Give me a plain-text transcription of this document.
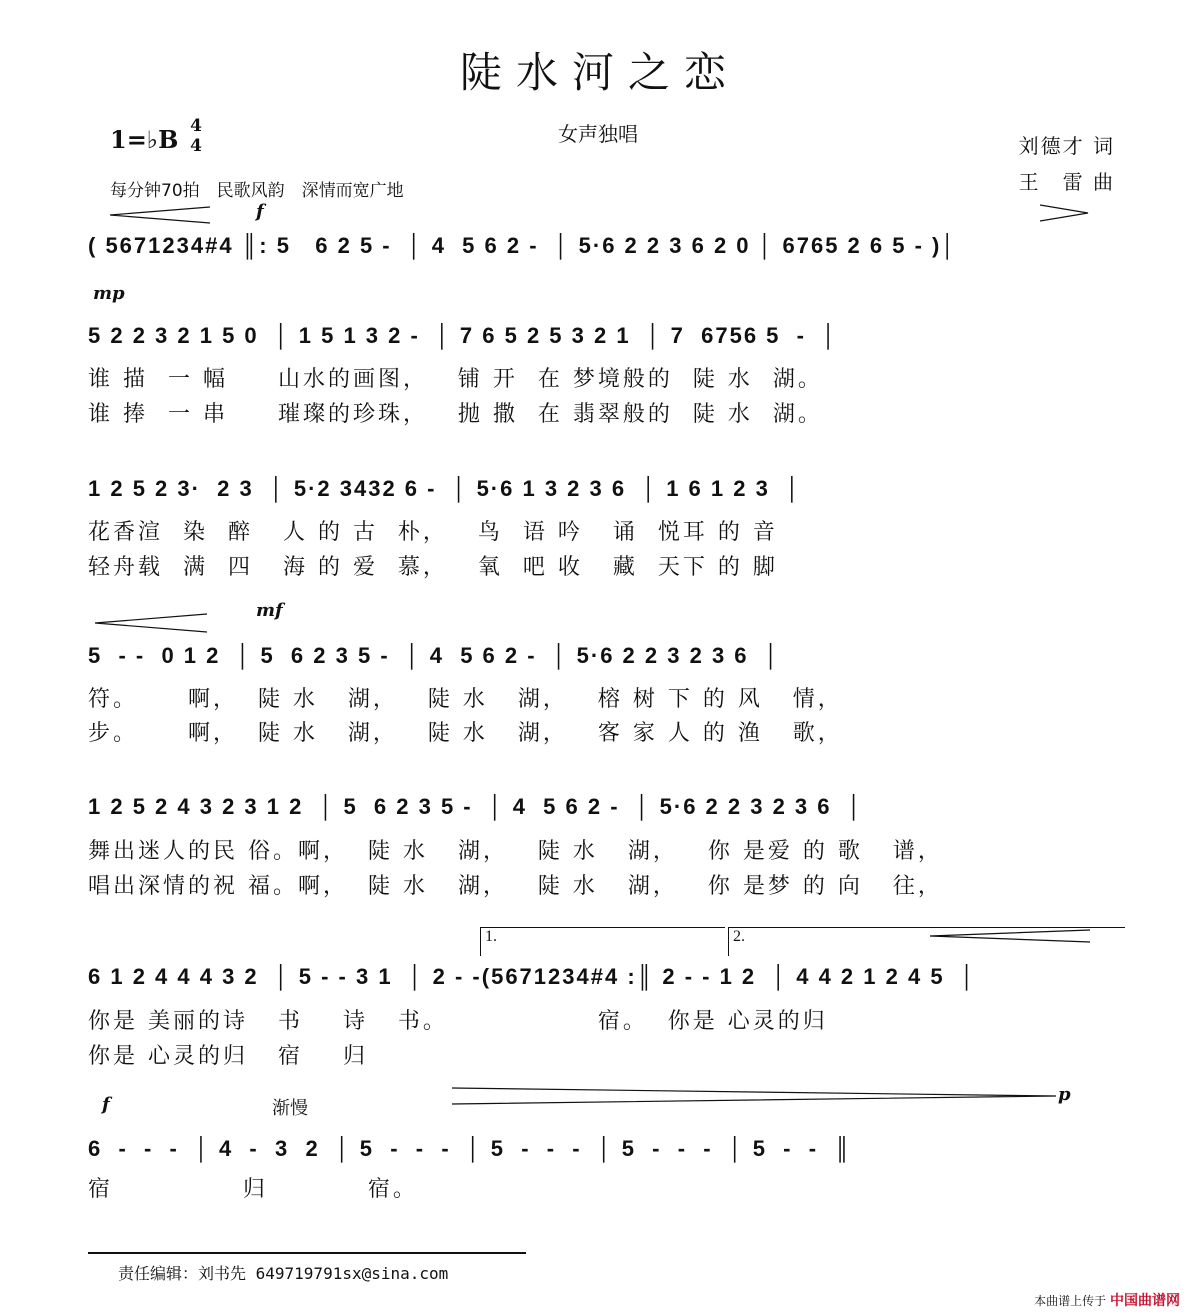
陡水河之恋
女声独唱
1=♭B 4
4
每分钟70拍　民歌风韵　深情而宽广地
刘德才 词
王　雷 曲
f
( 5671234#4 ║: 5   6 2 5 -  │ 4  5 6 2 -  │ 5·6 2 2 3 6 2 0 │ 6765 2 6 5 - )│
mp
5 2 2 3 2 1 5 0  │ 1 5 1 3 2 -  │ 7 6 5 2 5 3 2 1  │ 7  6756 5  -  │
谁 描  一 幅     山水的画图，   铺 开  在 梦境般的  陡 水  湖。
谁 捧  一 串     璀璨的珍珠，   抛 撒  在 翡翠般的  陡 水  湖。
1 2 5 2 3·  2 3  │ 5·2 3432 6 -  │ 5·6 1 3 2 3 6  │ 1 6 1 2 3  │
花香渲  染  醉   人 的 古  朴，   鸟  语 吟   诵  悦耳 的 音
轻舟载  满  四   海 的 爱  慕，   氧  吧 收   藏  天下 的 脚
mf
5  - -  0 1 2  │ 5  6 2 3 5 -  │ 4  5 6 2 -  │ 5·6 2 2 3 2 3 6  │
符。     啊，  陡 水   湖，   陡 水   湖，   榕 树 下 的 风   情，
步。     啊，  陡 水   湖，   陡 水   湖，   客 家 人 的 渔   歌，
1 2 5 2 4 3 2 3 1 2  │ 5  6 2 3 5 -  │ 4  5 6 2 -  │ 5·6 2 2 3 2 3 6  │
舞出迷人的民 俗。啊，  陡 水   湖，   陡 水   湖，   你 是爱 的 歌   谱，
唱出深情的祝 福。啊，  陡 水   湖，   陡 水   湖，   你 是梦 的 向   往，
1.	2.
6 1 2 4 4 4 3 2  │ 5 - - 3 1  │ 2 - -(5671234#4 :║ 2 - - 1 2  │ 4 4 2 1 2 4 5  │
你是 美丽的诗   书    诗   书。               宿。  你是 心灵的归
你是 心灵的归   宿    归
f	渐慢
p
6  -  -  -  │ 4  -  3  2  │ 5  -  -  -  │ 5  -  -  -  │ 5  -  -  -  │ 5  -  -  ║
宿             归          宿。
责任编辑：刘书先 649719791sx@sina.com
本曲谱上传于 中国曲谱网
